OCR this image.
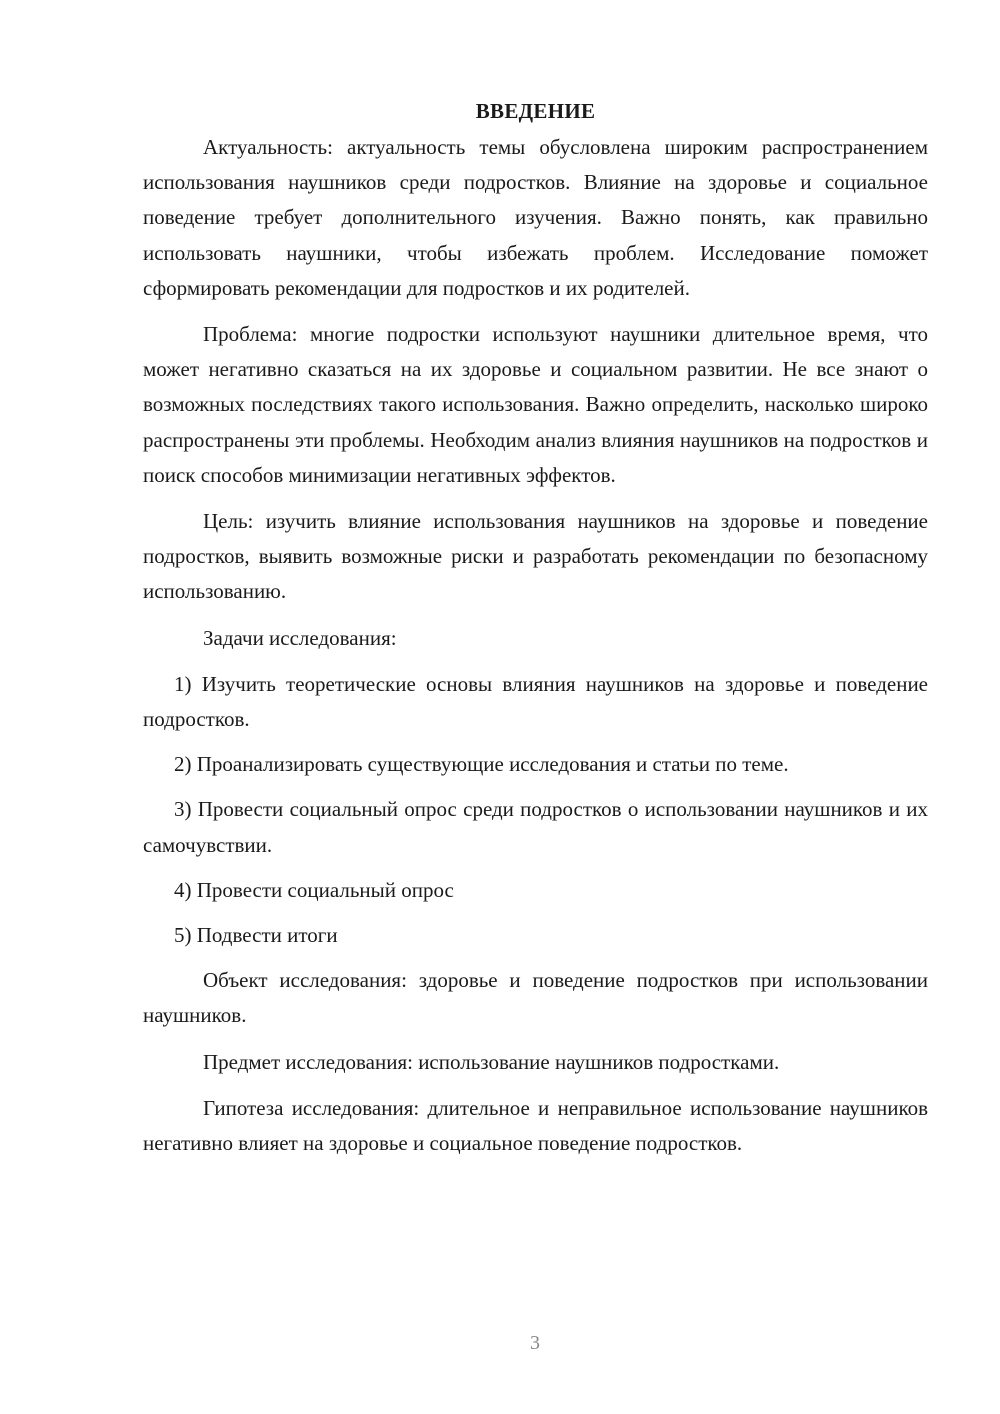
ВВЕДЕНИЕ

Актуальность: актуальность темы обусловлена широким распространением использования наушников среди подростков. Влияние на здоровье и социальное поведение требует дополнительного изучения. Важно понять, как правильно использовать наушники, чтобы избежать проблем. Исследование поможет сформировать рекомендации для подростков и их родителей.

Проблема: многие подростки используют наушники длительное время, что может негативно сказаться на их здоровье и социальном развитии. Не все знают о возможных последствиях такого использования. Важно определить, насколько широко распространены эти проблемы. Необходим анализ влияния наушников на подростков и поиск способов минимизации негативных эффектов.

Цель: изучить влияние использования наушников на здоровье и поведение подростков, выявить возможные риски и разработать рекомендации по безопасному использованию.

Задачи исследования:

1) Изучить теоретические основы влияния наушников на здоровье и поведение подростков.

2) Проанализировать существующие исследования и статьи по теме.

3) Провести социальный опрос среди подростков о использовании наушников и их самочувствии.

4) Провести социальный опрос

5) Подвести итоги

Объект исследования: здоровье и поведение подростков при использовании наушников.

Предмет исследования: использование наушников подростками.

Гипотеза исследования: длительное и неправильное использование наушников негативно влияет на здоровье и социальное поведение подростков.

3
